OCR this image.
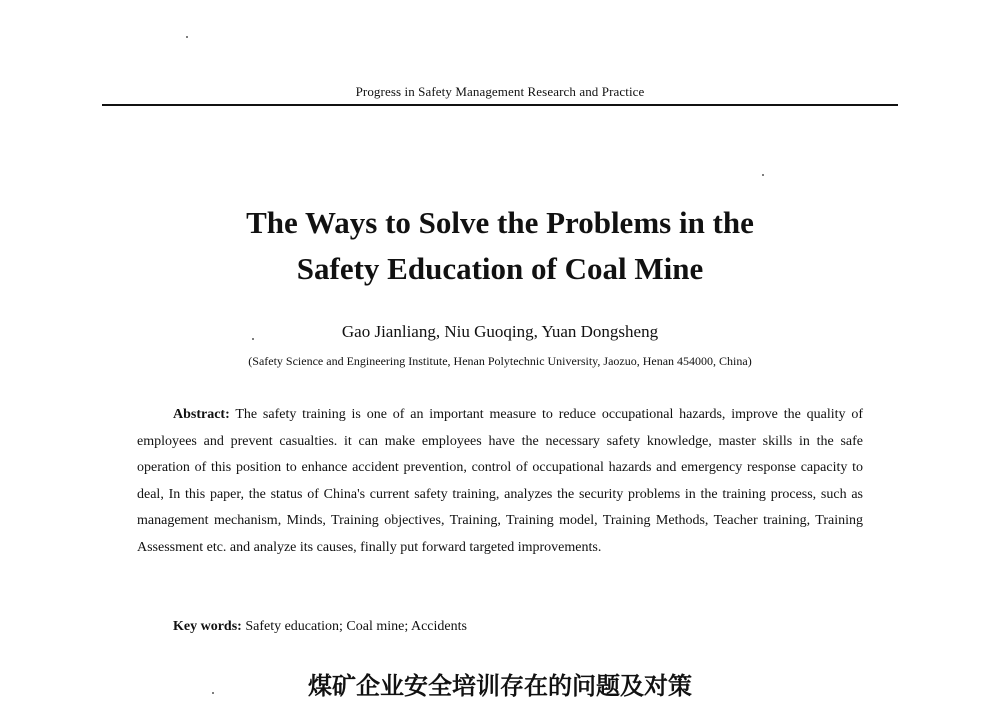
Progress in Safety Management Research and Practice
The Ways to Solve the Problems in the
Safety Education of Coal Mine
Gao Jianliang, Niu Guoqing, Yuan Dongsheng
(Safety Science and Engineering Institute, Henan Polytechnic University, Jaozuo, Henan 454000, China)

Abstract: The safety training is one of an important measure to reduce occupational hazards, improve the quality of employees and prevent casualties. it can make employees have the necessary safety knowledge, master skills in the safe operation of this position to enhance accident prevention, control of occupational hazards and emergency response capacity to deal, In this paper, the status of China's current safety training, analyzes the security problems in the training process, such as management mechanism, Minds, Training objectives, Training, Training model, Training Methods, Teacher training, Training Assessment etc. and analyze its causes, finally put forward targeted improvements.

Key words: Safety education; Coal mine; Accidents
煤矿企业安全培训存在的问题及对策
